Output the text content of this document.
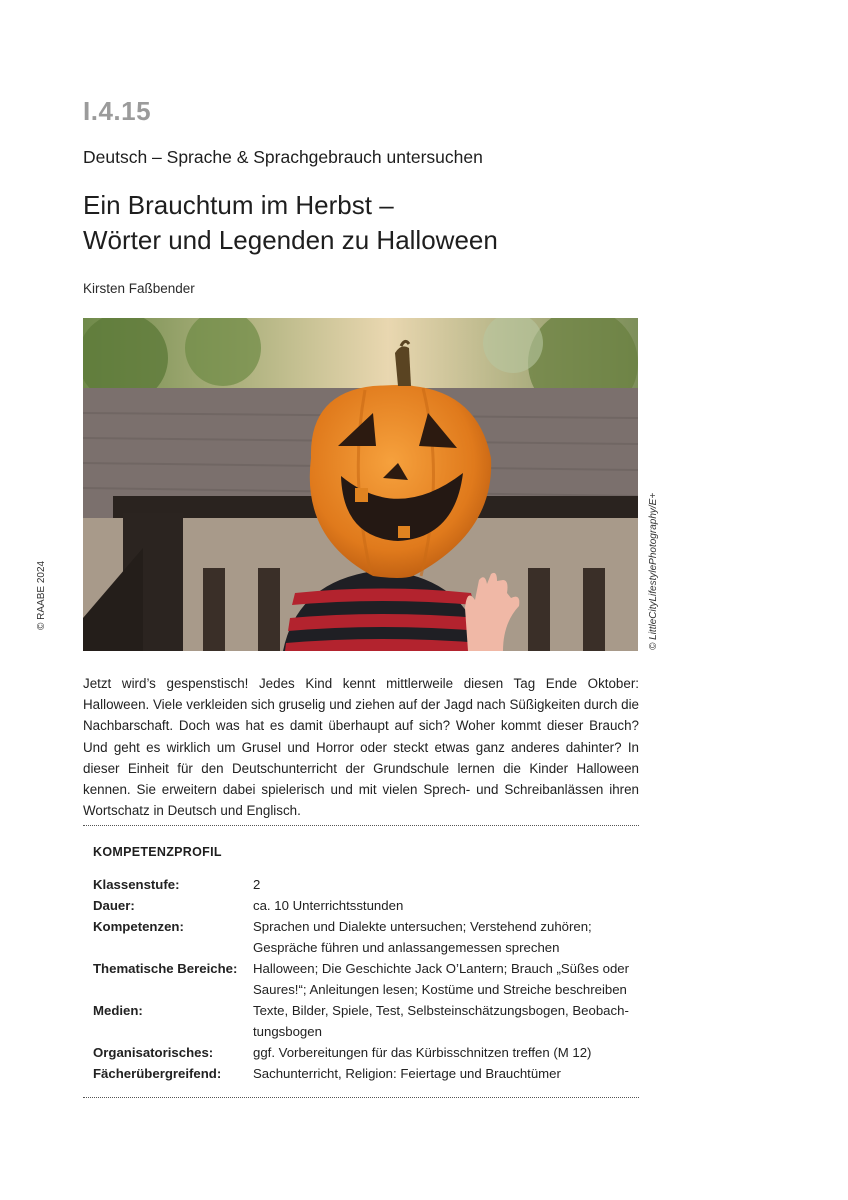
I.4.15
Deutsch – Sprache & Sprachgebrauch untersuchen
Ein Brauchtum im Herbst –
Wörter und Legenden zu Halloween
Kirsten Faßbender
© RAABE 2024	© LittleCityLifestylePhotography/E+
Jetzt wird’s gespenstisch! Jedes Kind kennt mittlerweile diesen Tag Ende Oktober: Halloween. Viele verkleiden sich gruselig und ziehen auf der Jagd nach Süßigkeiten durch die Nachbarschaft. Doch was hat es damit überhaupt auf sich? Woher kommt dieser Brauch? Und geht es wirklich um Grusel und Horror oder steckt etwas ganz anderes dahinter? In dieser Einheit für den Deutschunterricht der Grundschule lernen die Kinder Halloween kennen. Sie erweitern dabei spielerisch und mit vielen Sprech- und Schreibanlässen ihren Wortschatz in Deutsch und Englisch.
KOMPETENZPROFIL
Klassenstufe:	2
Dauer:	ca. 10 Unterrichtsstunden
Kompetenzen:	Sprachen und Dialekte untersuchen; Verstehend zuhören; Gespräche führen und anlassangemessen sprechen
Thematische Bereiche:	Halloween; Die Geschichte Jack O’Lantern; Brauch „Süßes oder Saures!“; Anleitungen lesen; Kostüme und Streiche beschreiben
Medien:	Texte, Bilder, Spiele, Test, Selbsteinschätzungsbogen, Beobach-tungsbogen
Organisatorisches:	ggf. Vorbereitungen für das Kürbisschnitzen treffen (M 12)
Fächerübergreifend:	Sachunterricht, Religion: Feiertage und Brauchtümer
